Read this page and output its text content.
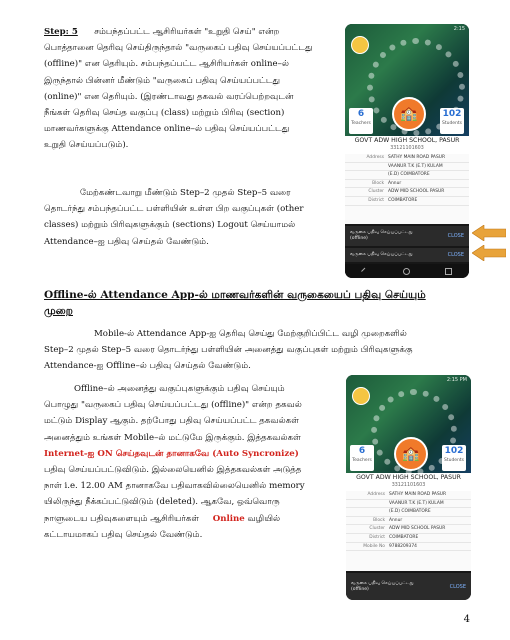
Step: 5 சம்பந்தப்பட்ட ஆசிரியர்கள் "உறுதி செய்" என்ற
பொத்தானை தெரிவு செய்திருந்தால் "வருகைப் பதிவு செய்யப்பட்டது
(offline)" என தெரியும். சம்பந்தப்பட்ட ஆசிரியர்கள் online–ல்
இருந்தால் பின்னர் மீண்டும் "வருகைப் பதிவு செய்யப்பட்டது
(online)" என தெரியும். (இரண்டாவது தகவல் வரப்பெற்றவுடன்
நீங்கள் தெரிவு செய்த வகுப்பு (class) மற்றும் பிரிவு (section)
மாணவர்களுக்கு Attendance online–ல் பதிவு செய்யப்பட்டது
உறுதி செய்யப்படும்).
மேற்கண்டவாறு மீண்டும் Step–2 முதல் Step–5 வரை
தொடர்ந்து சம்பந்தப்பட்ட பள்ளியின் உள்ள பிற வகுப்புகள் (other
classes) மற்றும் பிரிவுகளுக்கும் (sections) Logout செய்யாமல்
Attendance–ஐ பதிவு செய்தல் வேண்டும்.
Offline-ல் Attendance App-ல் மாணவர்களின் வருகையைப் பதிவு செய்யும்
முறை
Mobile-ல் Attendance App-ஐ தெரிவு செய்து மேற்குறிப்பிட்ட வழி முறைகளில்
Step–2 முதல் Step–5 வரை தொடர்ந்து பள்ளியின் அனைத்து வகுப்புகள் மற்றும் பிரிவுகளுக்கு
Attendance-ஐ Offline–ல் பதிவு செய்தல் வேண்டும்.
Offline–ல் அனைத்து வகுப்புகளுக்கும் பதிவு செய்யும்
பொழுது "வருகைப் பதிவு செய்யப்பட்டது (offline)" என்ற தகவல்
மட்டும் Display ஆகும். தற்போது பதிவு செய்யப்பட்ட தகவல்கள்
அனைத்தும் உங்கள் Mobile–ல் மட்டுமே இருக்கும். இத்தகவல்கள்
Internet-ஐ ON செய்தவுடன் தானாகவே (Auto Syncronize)
பதிவு செய்யப்பட்டுவிடும். இல்லையெனில் இத்தகவல்கள் அடுத்த
நாள் i.e. 12.00 AM தானாகவே பதிவாகவில்லையெனில் memory
யிலிருந்து நீக்கப்பட்டுவிடும் (deleted). ஆகவே, ஒவ்வொரு
நாளுடைய பதிவுகளையும் ஆசிரியர்கள் Online வழியில்
கட்டாயமாகப் பதிவு செய்தல் வேண்டும்.
4
2:15
🏫
6
Teachers
102
Students
GOVT ADW HIGH SCHOOL, PASUR
33121101603
Address SATHY MAIN ROAD PASUR
VAANUR T.K (E.T) KULAM
(E.D) COIMBATORE
Block Annur
Cluster ADW MID SCHOOL PASUR
District COIMBATORE
வருகை பதிவு செய்யப்பட்டது (offline)	CLOSE
வருகை பதிவு செய்யப்பட்டது	CLOSE
2:15 PM
🏫
6
Teachers
102
Students
GOVT ADW HIGH SCHOOL, PASUR
33121101603
Address SATHY MAIN ROAD PASUR
VAANUR T.K (E.T) KULAM
(E.D) COIMBATORE
Block Annur
Cluster ADW MID SCHOOL PASUR
District COIMBATORE
Mobile No 9788209374
வருகை பதிவு செய்யப்பட்டது (offline)	CLOSE
